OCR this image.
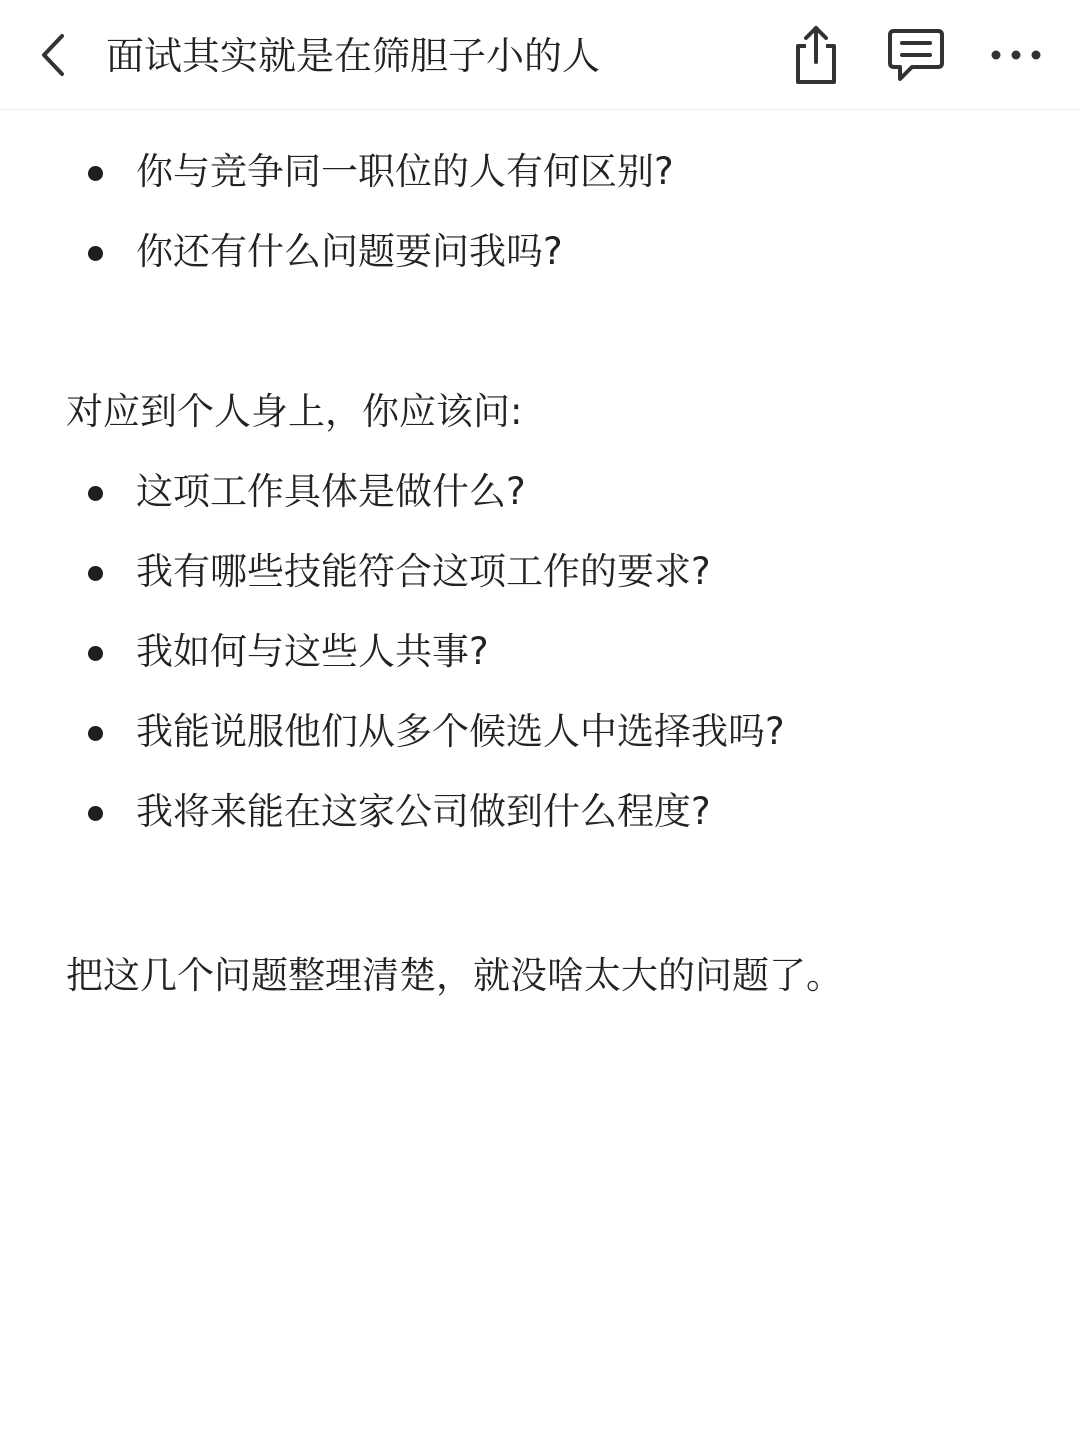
面试其实就是在筛胆子小的人
你与竞争同一职位的人有何区别?
你还有什么问题要问我吗?
对应到个人身上，你应该问:
这项工作具体是做什么?
我有哪些技能符合这项工作的要求?
我如何与这些人共事?
我能说服他们从多个候选人中选择我吗?
我将来能在这家公司做到什么程度?
把这几个问题整理清楚，就没啥太大的问题了。
